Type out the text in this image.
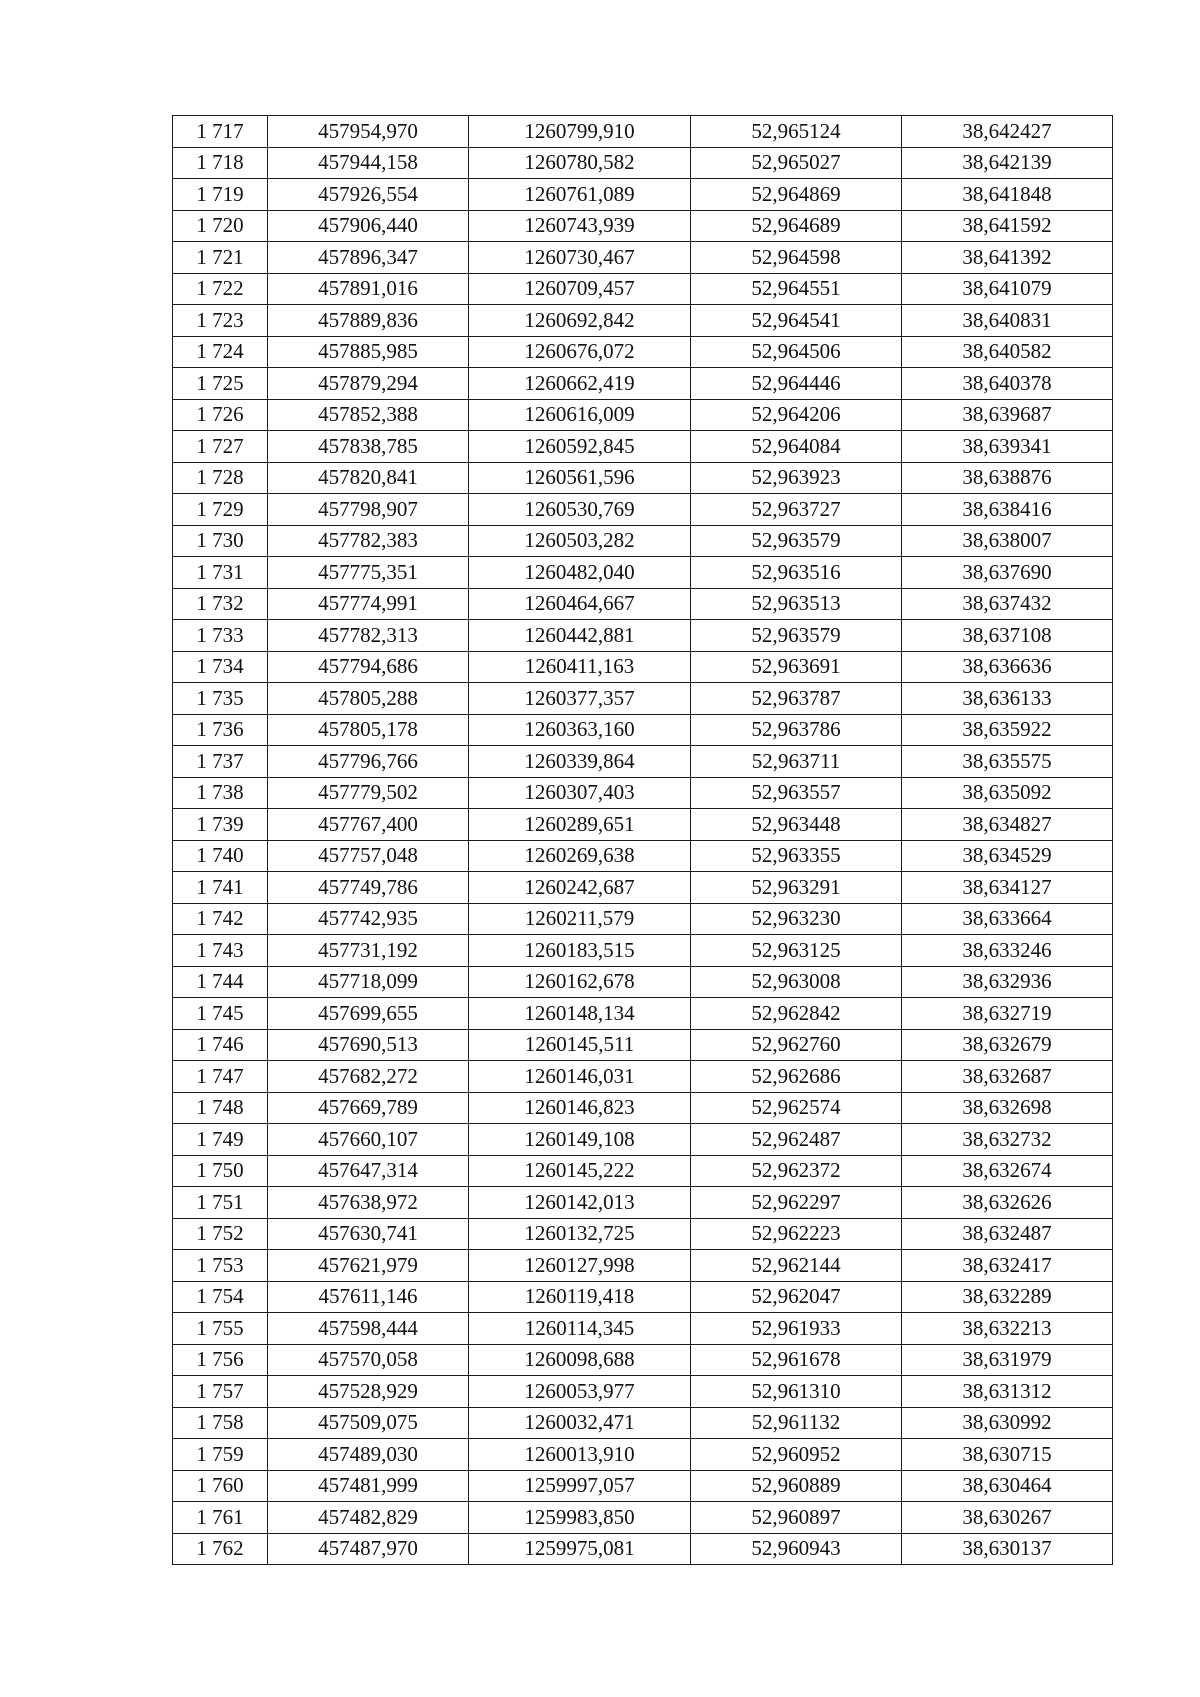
1 717	457954,970	1260799,910	52,965124	38,642427
1 718	457944,158	1260780,582	52,965027	38,642139
1 719	457926,554	1260761,089	52,964869	38,641848
1 720	457906,440	1260743,939	52,964689	38,641592
1 721	457896,347	1260730,467	52,964598	38,641392
1 722	457891,016	1260709,457	52,964551	38,641079
1 723	457889,836	1260692,842	52,964541	38,640831
1 724	457885,985	1260676,072	52,964506	38,640582
1 725	457879,294	1260662,419	52,964446	38,640378
1 726	457852,388	1260616,009	52,964206	38,639687
1 727	457838,785	1260592,845	52,964084	38,639341
1 728	457820,841	1260561,596	52,963923	38,638876
1 729	457798,907	1260530,769	52,963727	38,638416
1 730	457782,383	1260503,282	52,963579	38,638007
1 731	457775,351	1260482,040	52,963516	38,637690
1 732	457774,991	1260464,667	52,963513	38,637432
1 733	457782,313	1260442,881	52,963579	38,637108
1 734	457794,686	1260411,163	52,963691	38,636636
1 735	457805,288	1260377,357	52,963787	38,636133
1 736	457805,178	1260363,160	52,963786	38,635922
1 737	457796,766	1260339,864	52,963711	38,635575
1 738	457779,502	1260307,403	52,963557	38,635092
1 739	457767,400	1260289,651	52,963448	38,634827
1 740	457757,048	1260269,638	52,963355	38,634529
1 741	457749,786	1260242,687	52,963291	38,634127
1 742	457742,935	1260211,579	52,963230	38,633664
1 743	457731,192	1260183,515	52,963125	38,633246
1 744	457718,099	1260162,678	52,963008	38,632936
1 745	457699,655	1260148,134	52,962842	38,632719
1 746	457690,513	1260145,511	52,962760	38,632679
1 747	457682,272	1260146,031	52,962686	38,632687
1 748	457669,789	1260146,823	52,962574	38,632698
1 749	457660,107	1260149,108	52,962487	38,632732
1 750	457647,314	1260145,222	52,962372	38,632674
1 751	457638,972	1260142,013	52,962297	38,632626
1 752	457630,741	1260132,725	52,962223	38,632487
1 753	457621,979	1260127,998	52,962144	38,632417
1 754	457611,146	1260119,418	52,962047	38,632289
1 755	457598,444	1260114,345	52,961933	38,632213
1 756	457570,058	1260098,688	52,961678	38,631979
1 757	457528,929	1260053,977	52,961310	38,631312
1 758	457509,075	1260032,471	52,961132	38,630992
1 759	457489,030	1260013,910	52,960952	38,630715
1 760	457481,999	1259997,057	52,960889	38,630464
1 761	457482,829	1259983,850	52,960897	38,630267
1 762	457487,970	1259975,081	52,960943	38,630137
